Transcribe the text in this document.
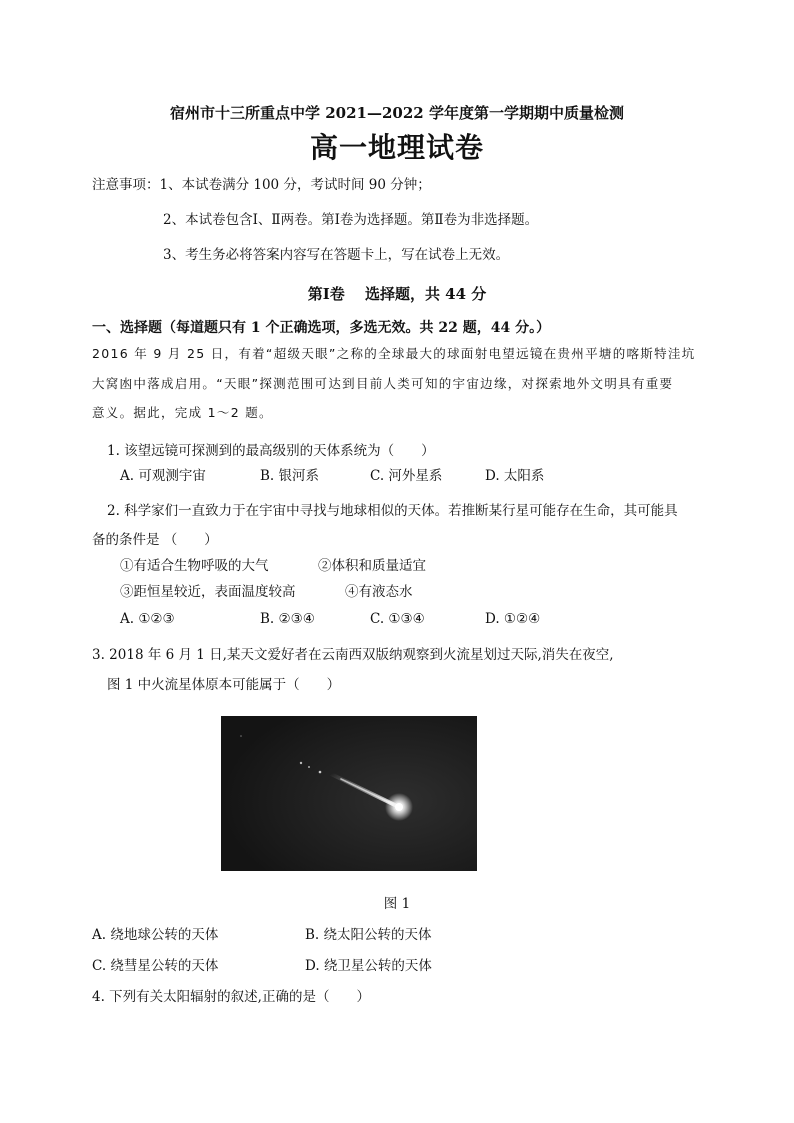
宿州市十三所重点中学 2021—2022 学年度第一学期期中质量检测
高一地理试卷
注意事项：1、本试卷满分 100 分，考试时间 90 分钟；
2、本试卷包含Ⅰ、Ⅱ两卷。第Ⅰ卷为选择题。第Ⅱ卷为非选择题。
3、考生务必将答案内容写在答题卡上，写在试卷上无效。
第Ⅰ卷　 选择题，共 44 分
一、选择题（每道题只有 1 个正确选项，多选无效。共 22 题，44 分。）
2016 年 9 月 25 日，有着“超级天眼”之称的全球最大的球面射电望远镜在贵州平塘的喀斯特洼坑
大窝凼中落成启用。“天眼”探测范围可达到目前人类可知的宇宙边缘，对探索地外文明具有重要
意义。据此，完成 1～2 题。
1. 该望远镜可探测到的最高级别的天体系统为（　　）
A. 可观测宇宙	B. 银河系	C. 河外星系	D. 太阳系
2. 科学家们一直致力于在宇宙中寻找与地球相似的天体。若推断某行星可能存在生命，其可能具
备的条件是 （　　）
①有适合生物呼吸的大气	②体积和质量适宜
③距恒星较近，表面温度较高	④有液态水
A. ①②③	B. ②③④	C. ①③④	D. ①②④
3. 2018 年 6 月 1 日,某天文爱好者在云南西双版纳观察到火流星划过天际,消失在夜空,
图 1 中火流星体原本可能属于（　　）
图 1
A. 绕地球公转的天体	B. 绕太阳公转的天体
C. 绕彗星公转的天体	D. 绕卫星公转的天体
4. 下列有关太阳辐射的叙述,正确的是（　　）
